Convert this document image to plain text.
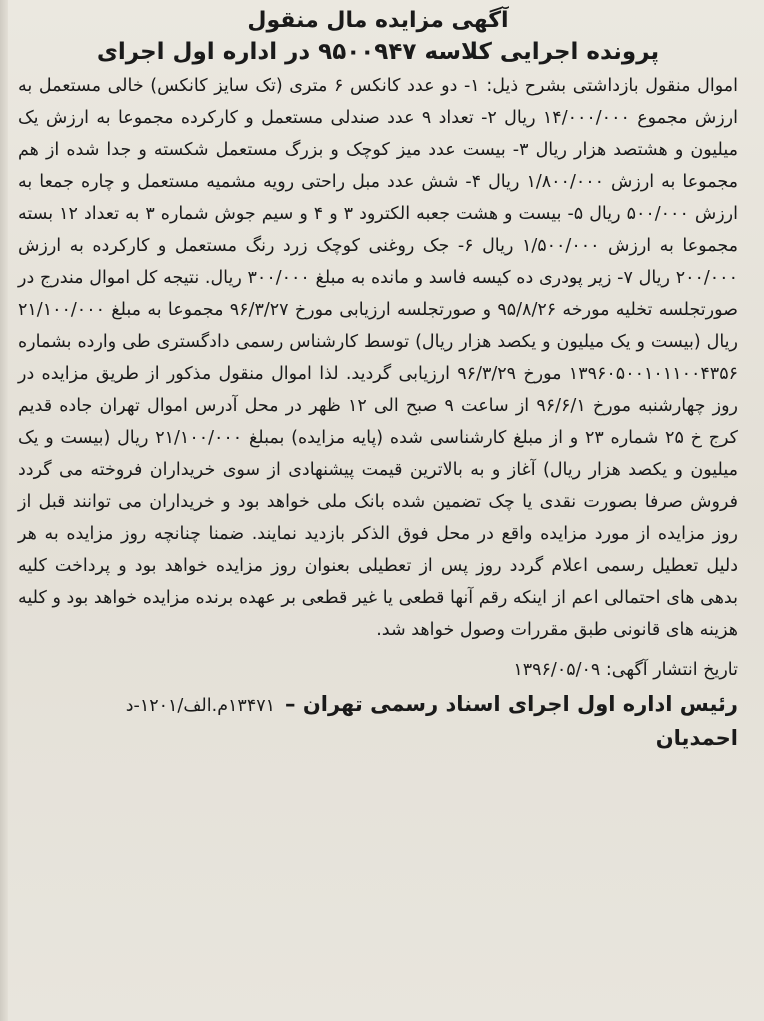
آگهی مزایده مال منقول
پرونده اجرایی کلاسه ۹۵۰۰۹۴۷ در اداره اول اجرای

اموال منقول بازداشتی بشرح ذیل: ۱- دو عدد کانکس ۶ متری (تک سایز کانکس) خالی مستعمل به ارزش مجموع ۱۴/۰۰۰/۰۰۰ ریال ۲- تعداد ۹ عدد صندلی مستعمل و کارکرده مجموعا به ارزش یک میلیون و هشتصد هزار ریال ۳- بیست عدد میز کوچک و بزرگ مستعمل شکسته و جدا شده از هم مجموعا به ارزش ۱/۸۰۰/۰۰۰ ریال ۴- شش عدد مبل راحتی رویه مشمیه مستعمل و چاره جمعا به ارزش ۵۰۰/۰۰۰ ریال ۵- بیست و هشت جعبه الکترود ۳ و ۴ و سیم جوش شماره ۳ به تعداد ۱۲ بسته مجموعا به ارزش ۱/۵۰۰/۰۰۰ ریال ۶- جک روغنی کوچک زرد رنگ مستعمل و کارکرده به ارزش ۲۰۰/۰۰۰ ریال ۷- زیر پودری ده کیسه فاسد و مانده به مبلغ ۳۰۰/۰۰۰ ریال. نتیجه کل اموال مندرج در صورتجلسه تخلیه مورخه ۹۵/۸/۲۶ و صورتجلسه ارزیابی مورخ ۹۶/۳/۲۷ مجموعا به مبلغ ۲۱/۱۰۰/۰۰۰ ریال (بیست و یک میلیون و یکصد هزار ریال) توسط کارشناس رسمی دادگستری طی وارده بشماره ۱۳۹۶۰۵۰۰۱۰۱۱۰۰۴۳۵۶ مورخ ۹۶/۳/۲۹ ارزیابی گردید. لذا اموال منقول مذکور از طریق مزایده در روز چهارشنبه مورخ ۹۶/۶/۱ از ساعت ۹ صبح الی ۱۲ ظهر در محل آدرس اموال تهران جاده قدیم کرج خ ۲۵ شماره ۲۳ و از مبلغ کارشناسی شده (پایه مزایده) بمبلغ ۲۱/۱۰۰/۰۰۰ ریال (بیست و یک میلیون و یکصد هزار ریال) آغاز و به بالاترین قیمت پیشنهادی از سوی خریداران فروخته می گردد فروش صرفا بصورت نقدی یا چک تضمین شده بانک ملی خواهد بود و خریداران می توانند قبل از روز مزایده از مورد مزایده واقع در محل فوق الذکر بازدید نمایند. ضمنا چنانچه روز مزایده به هر دلیل تعطیل رسمی اعلام گردد روز پس از تعطیلی بعنوان روز مزایده خواهد بود و پرداخت کلیه بدهی های احتمالی اعم از اینکه رقم آنها قطعی یا غیر قطعی بر عهده برنده مزایده خواهد بود و کلیه هزینه های قانونی طبق مقررات وصول خواهد شد.

تاریخ انتشار آگهی: ۱۳۹۶/۰۵/۰۹

رئیس اداره اول اجرای اسناد رسمی تهران –
۱۳۴۷۱م.الف/۱۲۰۱-د

احمدیان
